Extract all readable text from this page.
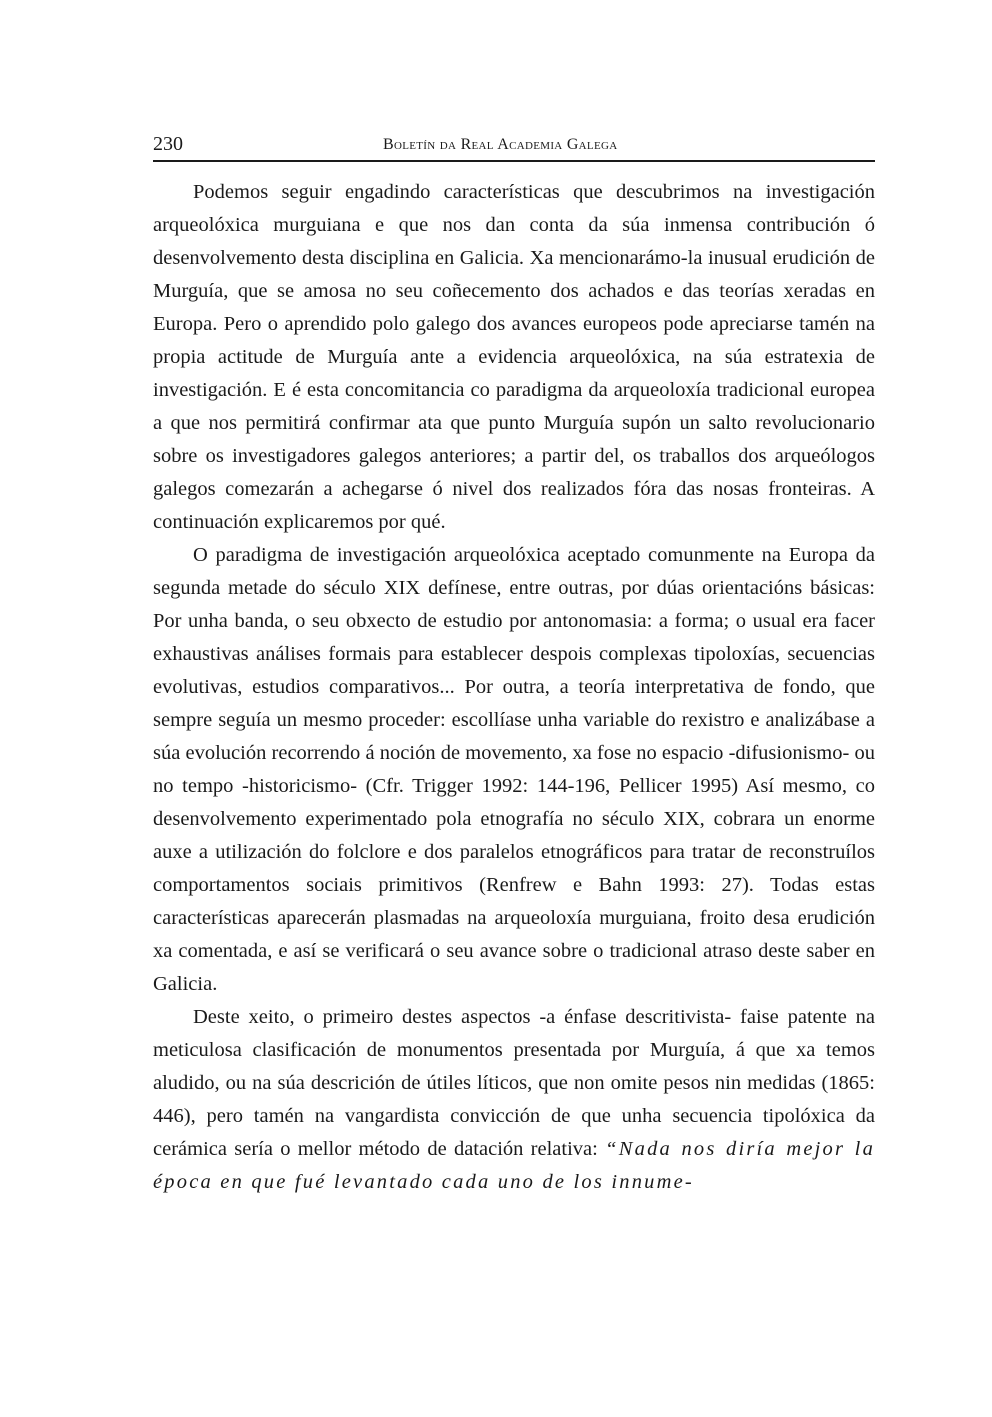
230	Boletín da Real Academia Galega

Podemos seguir engadindo características que descubrimos na investigación arqueolóxica murguiana e que nos dan conta da súa inmensa contribución ó desenvolvemento desta disciplina en Galicia. Xa mencionarámo-la inusual erudición de Murguía, que se amosa no seu coñecemento dos achados e das teorías xeradas en Europa. Pero o aprendido polo galego dos avances europeos pode apreciarse tamén na propia actitude de Murguía ante a evidencia arqueolóxica, na súa estratexia de investigación. E é esta concomitancia co paradigma da arqueoloxía tradicional europea a que nos permitirá confirmar ata que punto Murguía supón un salto revolucionario sobre os investigadores galegos anteriores; a partir del, os traballos dos arqueólogos galegos comezarán a achegarse ó nivel dos realizados fóra das nosas fronteiras. A continuación explicaremos por qué.

O paradigma de investigación arqueolóxica aceptado comunmente na Europa da segunda metade do século XIX defínese, entre outras, por dúas orientacións básicas: Por unha banda, o seu obxecto de estudio por antonomasia: a forma; o usual era facer exhaustivas análises formais para establecer despois complexas tipoloxías, secuencias evolutivas, estudios comparativos... Por outra, a teoría interpretativa de fondo, que sempre seguía un mesmo proceder: escollíase unha variable do rexistro e analizábase a súa evolución recorrendo á noción de movemento, xa fose no espacio -difusionismo- ou no tempo -historicismo- (Cfr. Trigger 1992: 144-196, Pellicer 1995) Así mesmo, co desenvolvemento experimentado pola etnografía no século XIX, cobrara un enorme auxe a utilización do folclore e dos paralelos etnográficos para tratar de reconstruílos comportamentos sociais primitivos (Renfrew e Bahn 1993: 27). Todas estas características aparecerán plasmadas na arqueoloxía murguiana, froito desa erudición xa comentada, e así se verificará o seu avance sobre o tradicional atraso deste saber en Galicia.

Deste xeito, o primeiro destes aspectos -a énfase descritivista- faise patente na meticulosa clasificación de monumentos presentada por Murguía, á que xa temos aludido, ou na súa descrición de útiles líticos, que non omite pesos nin medidas (1865: 446), pero tamén na vangardista convicción de que unha secuencia tipolóxica da cerámica sería o mellor método de datación relativa: “Nada nos diría mejor la época en que fué levantado cada uno de los innume-
